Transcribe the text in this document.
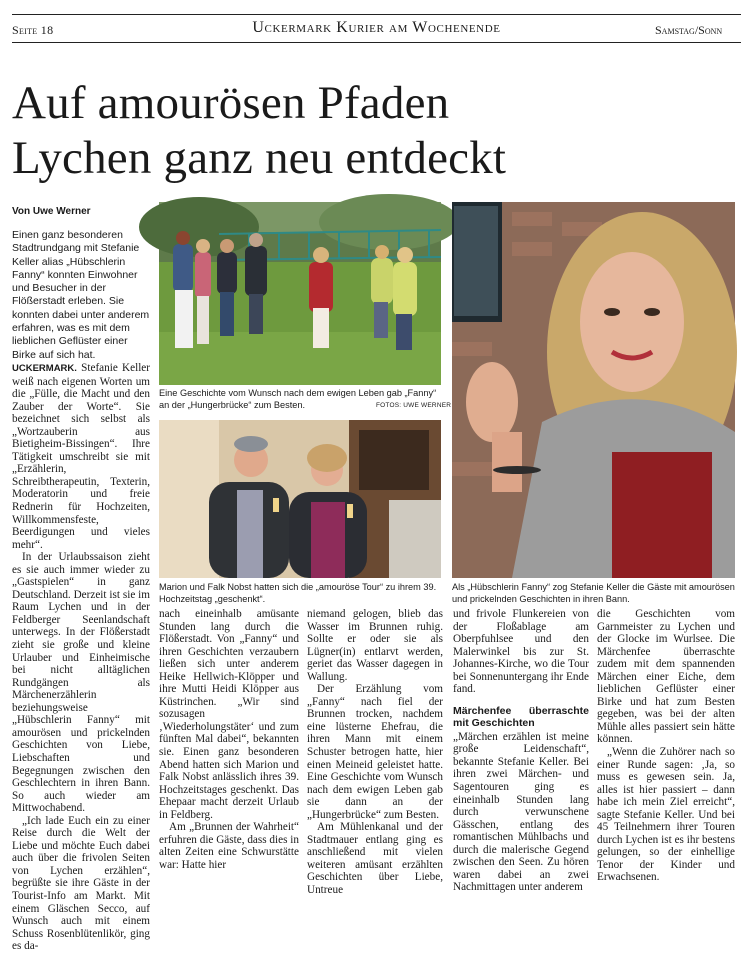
Seite 18	Uckermark Kurier am Wochenende	Samstag/Sonn
Auf amourösen Pfaden
Lychen ganz neu entdeckt
Von Uwe Werner
Einen ganz besonderen Stadtrundgang mit Stefanie Keller alias „Hübschlerin Fanny“ konnten Einwohner und Besucher in der Flößerstadt erleben. Sie konnten dabei unter anderem erfahren, was es mit dem lieblichen Geflüster einer Birke auf sich hat.
Eine Geschichte vom Wunsch nach dem ewigen Leben gab „Fanny“ an der „Hungerbrücke“ zum Besten.	FOTOS: UWE WERNER
Marion und Falk Nobst hatten sich die „amouröse Tour“ zu ihrem 39. Hochzeitstag „geschenkt“.
Als „Hübschlerin Fanny“ zog Stefanie Keller die Gäste mit amourösen und prickelnden Geschichten in ihren Bann.

UCKERMARK. Stefanie Keller weiß nach eigenen Worten um die „Fülle, die Macht und den Zauber der Worte“. Sie bezeichnet sich selbst als „Wortzauberin aus Bietigheim-Bissingen“. Ihre Tätigkeit umschreibt sie mit „Erzählerin, Schreibtherapeutin, Texterin, Moderatorin und freie Rednerin für Hochzeiten, Willkommensfeste, Beerdigungen und vieles mehr“.

In der Urlaubssaison zieht es sie auch immer wieder zu „Gastspielen“ in ganz Deutschland. Derzeit ist sie im Raum Lychen und in der Feldberger Seenlandschaft unterwegs. In der Flößerstadt zieht sie große und kleine Urlauber und Einheimische bei nicht alltäglichen Rundgängen als Märchenerzählerin beziehungsweise „Hübschlerin Fanny“ mit amourösen und prickelnden Geschichten von Liebe, Liebschaften und Begegnungen zwischen den Geschlechtern in ihren Bann. So auch wieder am Mittwochabend.

„Ich lade Euch ein zu einer Reise durch die Welt der Liebe und möchte Euch dabei auch über die frivolen Seiten von Lychen erzählen“, begrüßte sie ihre Gäste in der Tourist-Info am Markt. Mit einem Gläschen Secco, auf Wunsch auch mit einem Schuss Rosenblütenlikör, ging es da-

nach eineinhalb amüsante Stunden lang durch die Flößerstadt. Von „Fanny“ und ihren Geschichten verzaubern ließen sich unter anderem Heike Hellwich-Klöpper und ihre Mutti Heidi Klöpper aus Küstrinchen. „Wir sind sozusagen ‚Wiederholungstäter‘ und zum fünften Mal dabei“, bekannten sie. Einen ganz besonderen Abend hatten sich Marion und Falk Nobst anlässlich ihres 39. Hochzeitstages geschenkt. Das Ehepaar macht derzeit Urlaub in Feldberg.

Am „Brunnen der Wahrheit“ erfuhren die Gäste, dass dies in alten Zeiten eine Schwurstätte war: Hatte hier

niemand gelogen, blieb das Wasser im Brunnen ruhig. Sollte er oder sie als Lügner(in) entlarvt werden, geriet das Wasser dagegen in Wallung.

Der Erzählung vom „Fanny“ nach fiel der Brunnen trocken, nachdem eine lüsterne Ehefrau, die ihren Mann mit einem Schuster betrogen hatte, hier einen Meineid geleistet hatte. Eine Geschichte vom Wunsch nach dem ewigen Leben gab sie dann an der „Hungerbrücke“ zum Besten.

Am Mühlenkanal und der Stadtmauer entlang ging es anschließend mit vielen weiteren amüsant erzählten Geschichten über Liebe, Untreue

und frivole Flunkereien von der Floßablage am Oberpfuhlsee und den Malerwinkel bis zur St. Johannes-Kirche, wo die Tour bei Sonnenuntergang ihr Ende fand.

Märchenfee überraschte mit Geschichten

„Märchen erzählen ist meine große Leidenschaft“, bekannte Stefanie Keller. Bei ihren zwei Märchen- und Sagentouren ging es eineinhalb Stunden lang durch verwunschene Gässchen, entlang des romantischen Mühlbachs und durch die malerische Gegend zwischen den Seen. Zu hören waren dabei an zwei Nachmittagen unter anderem

die Geschichten vom Garnmeister zu Lychen und der Glocke im Wurlsee. Die Märchenfee überraschte zudem mit dem spannenden Märchen einer Eiche, dem lieblichen Geflüster einer Birke und hat zum Besten gegeben, was bei der alten Mühle alles passiert sein hätte können.

„Wenn die Zuhörer nach so einer Runde sagen: ‚Ja, so muss es gewesen sein. Ja, alles ist hier passiert – dann habe ich mein Ziel erreicht“, sagte Stefanie Keller. Und bei 45 Teilnehmern ihrer Touren durch Lychen ist es ihr bestens gelungen, so der einhellige Tenor der Kinder und Erwachsenen.
